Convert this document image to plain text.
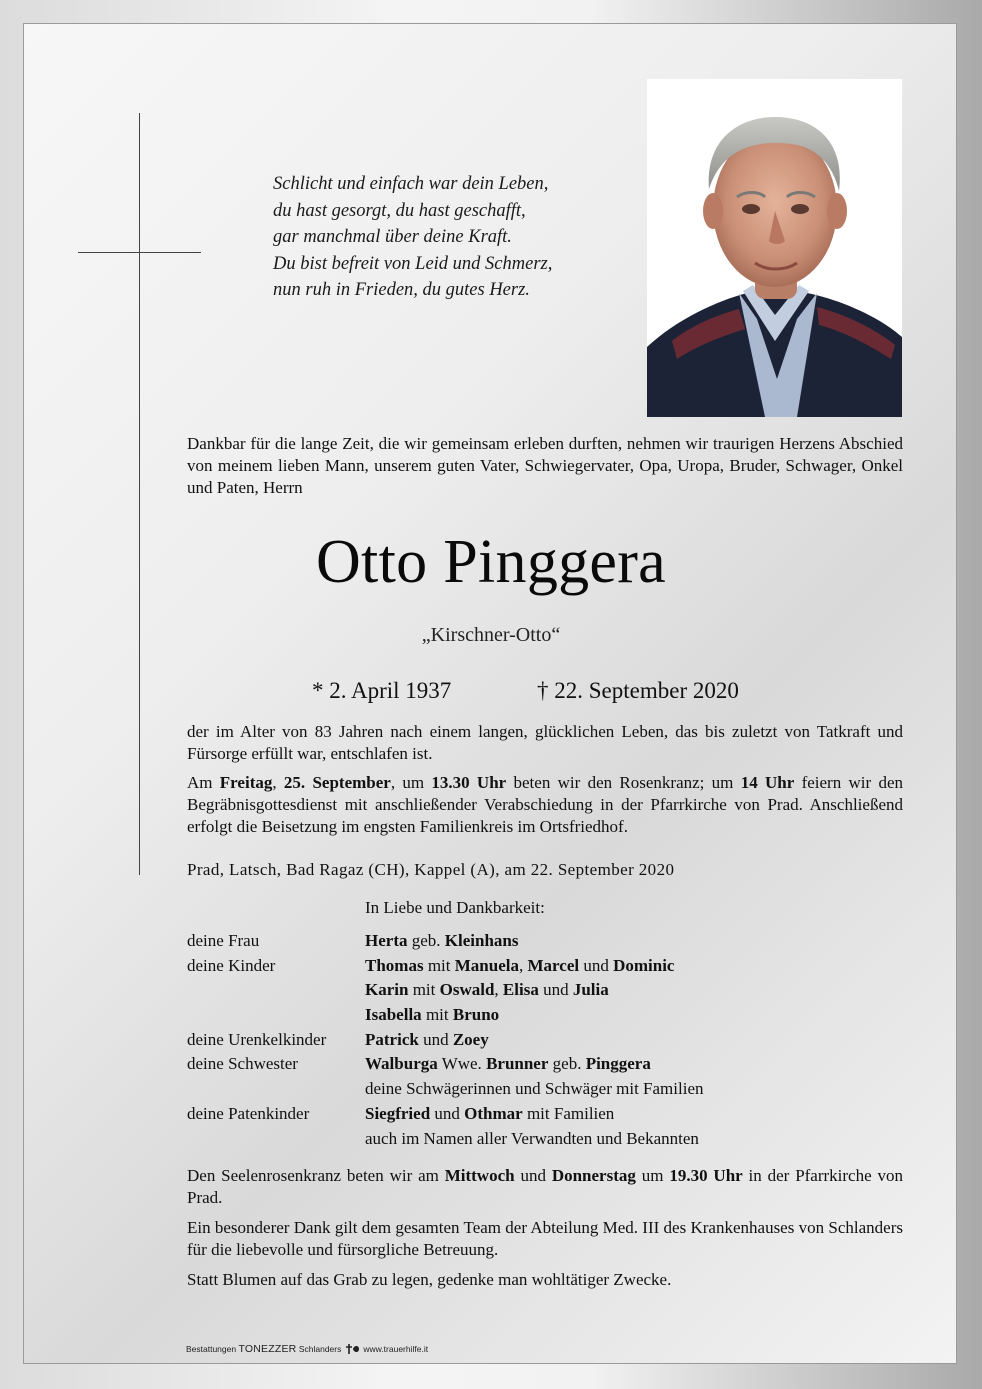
Schlicht und einfach war dein Leben,
du hast gesorgt, du hast geschafft,
gar manchmal über deine Kraft.
Du bist befreit von Leid und Schmerz,
nun ruh in Frieden, du gutes Herz.
Dankbar für die lange Zeit, die wir gemeinsam erleben durften, nehmen wir traurigen Herzens Abschied von meinem lieben Mann, unserem guten Vater, Schwiegervater, Opa, Uropa, Bruder, Schwager, Onkel und Paten, Herrn
Otto Pinggera
„Kirschner-Otto“
* 2. April 1937	† 22. September 2020
der im Alter von 83 Jahren nach einem langen, glücklichen Leben, das bis zuletzt von Tatkraft und Fürsorge erfüllt war, entschlafen ist.
Am Freitag, 25. September, um 13.30 Uhr beten wir den Rosenkranz; um 14 Uhr feiern wir den Begräbnisgottesdienst mit anschließender Verabschiedung in der Pfarrkirche von Prad. Anschließend erfolgt die Beisetzung im engsten Familienkreis im Ortsfriedhof.
Prad, Latsch, Bad Ragaz (CH), Kappel (A), am 22. September 2020
In Liebe und Dankbarkeit:
deine Frau	Herta geb. Kleinhans
deine Kinder	Thomas mit Manuela, Marcel und Dominic
Karin mit Oswald, Elisa und Julia
Isabella mit Bruno
deine Urenkelkinder Patrick und Zoey
deine Schwester	Walburga Wwe. Brunner geb. Pinggera
deine Schwägerinnen und Schwäger mit Familien
deine Patenkinder	Siegfried und Othmar mit Familien
auch im Namen aller Verwandten und Bekannten
Den Seelenrosenkranz beten wir am Mittwoch und Donnerstag um 19.30 Uhr in der Pfarrkirche von Prad.
Ein besonderer Dank gilt dem gesamten Team der Abteilung Med. III des Krankenhauses von Schlanders für die liebevolle und fürsorgliche Betreuung.
Statt Blumen auf das Grab zu legen, gedenke man wohltätiger Zwecke.
Bestattungen TONEZZER Schlanders	www.trauerhilfe.it
